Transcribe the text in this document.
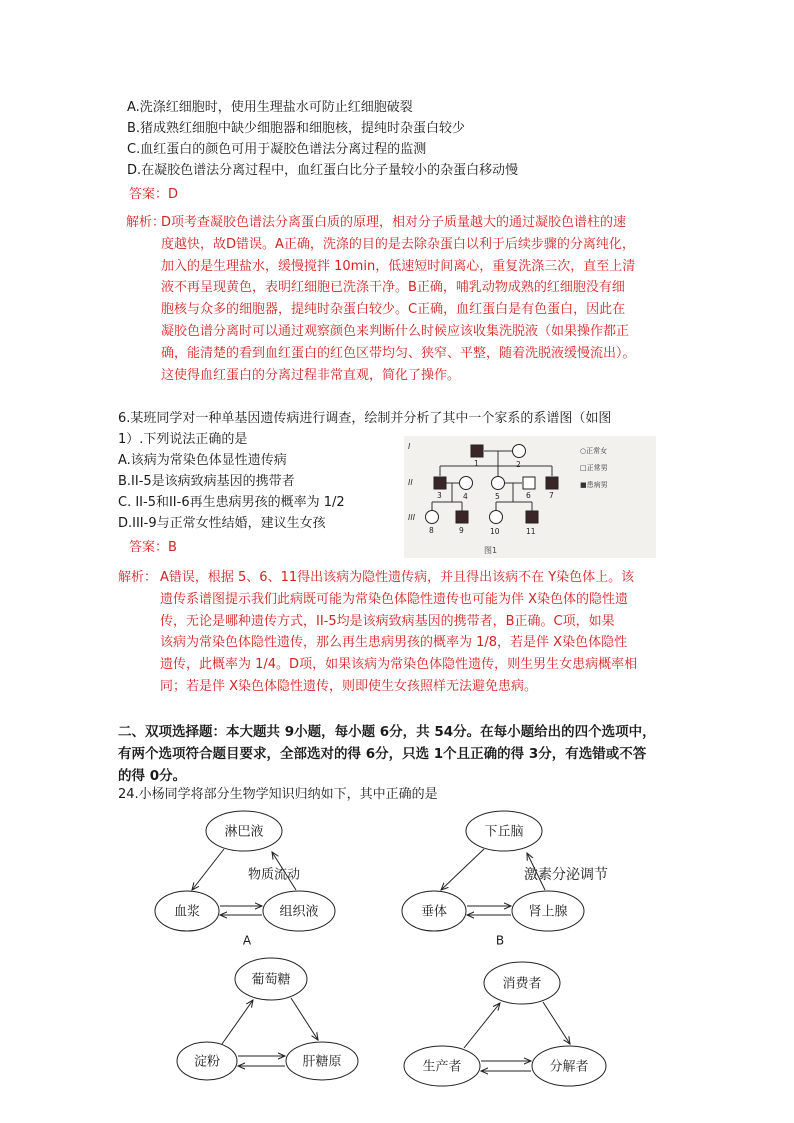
A.洗涤红细胞时，使用生理盐水可防止红细胞破裂
B.猪成熟红细胞中缺少细胞器和细胞核，提纯时杂蛋白较少
C.血红蛋白的颜色可用于凝胶色谱法分离过程的监测
D.在凝胶色谱法分离过程中，血红蛋白比分子量较小的杂蛋白移动慢
答案：D
解析：
D项考查凝胶色谱法分离蛋白质的原理，相对分子质量越大的通过凝胶色谱柱的速
度越快，故D错误。A正确，洗涤的目的是去除杂蛋白以利于后续步骤的分离纯化，
加入的是生理盐水，缓慢搅拌 10min，低速短时间离心，重复洗涤三次，直至上清
液不再呈现黄色，表明红细胞已洗涤干净。B正确，哺乳动物成熟的红细胞没有细
胞核与众多的细胞器，提纯时杂蛋白较少。C正确，血红蛋白是有色蛋白，因此在
凝胶色谱分离时可以通过观察颜色来判断什么时候应该收集洗脱液（如果操作都正
确，能清楚的看到血红蛋白的红色区带均匀、狭窄、平整，随着洗脱液缓慢流出）。
这使得血红蛋白的分离过程非常直观，简化了操作。
6.某班同学对一种单基因遗传病进行调查，绘制并分析了其中一个家系的系谱图（如图
1）.下列说法正确的是
A.该病为常染色体显性遗传病
B.II-5是该病致病基因的携带者
C. II-5和II-6再生患病男孩的概率为 1/2
D.III-9与正常女性结婚，建议生女孩
答案：B
I
II
III
1	2
3	4	5	6 7
8	9	10	11
○正常女
□正常男
■患病男
图1
解析： A错误，根据 5、6、11得出该病为隐性遗传病，并且得出该病不在 Y染色体上。该
遗传系谱图提示我们此病既可能为常染色体隐性遗传也可能为伴 X染色体的隐性遗
传，无论是哪种遗传方式，II-5均是该病致病基因的携带者，B正确。C项，如果
该病为常染色体隐性遗传，那么再生患病男孩的概率为 1/8，若是伴 X染色体隐性
遗传，此概率为 1/4。D项，如果该病为常染色体隐性遗传，则生男生女患病概率相
同；若是伴 X染色体隐性遗传，则即使生女孩照样无法避免患病。
二、双项选择题：本大题共 9小题，每小题 6分，共 54分。在每小题给出的四个选项中，
有两个选项符合题目要求，全部选对的得 6分，只选 1个且正确的得 3分，有选错或不答
的得 0分。
24.小杨同学将部分生物学知识归纳如下，其中正确的是
淋巴液
血浆	组织液
物质流动
A
下丘脑
垂体	肾上腺
激素分泌调节
B
葡萄糖
淀粉	肝糖原
消费者
生产者	分解者
